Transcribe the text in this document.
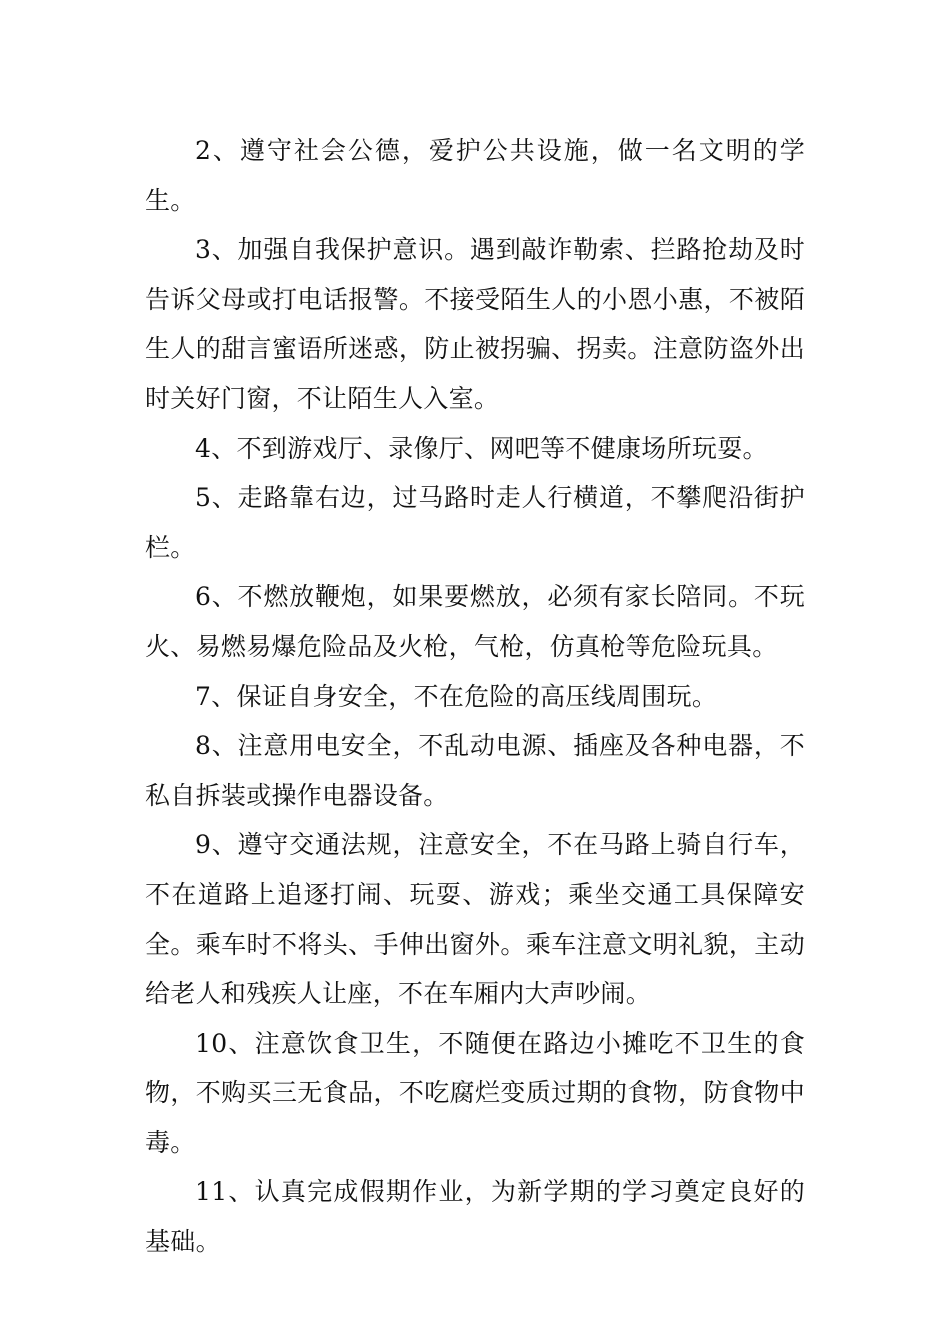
2、遵守社会公德，爱护公共设施，做一名文明的学生。

3、加强自我保护意识。遇到敲诈勒索、拦路抢劫及时告诉父母或打电话报警。不接受陌生人的小恩小惠，不被陌生人的甜言蜜语所迷惑，防止被拐骗、拐卖。注意防盗外出时关好门窗，不让陌生人入室。

4、不到游戏厅、录像厅、网吧等不健康场所玩耍。

5、走路靠右边，过马路时走人行横道，不攀爬沿街护栏。

6、不燃放鞭炮，如果要燃放，必须有家长陪同。不玩火、易燃易爆危险品及火枪，气枪，仿真枪等危险玩具。

7、保证自身安全，不在危险的高压线周围玩。

8、注意用电安全，不乱动电源、插座及各种电器，不私自拆装或操作电器设备。

9、遵守交通法规，注意安全，不在马路上骑自行车，不在道路上追逐打闹、玩耍、游戏；乘坐交通工具保障安全。乘车时不将头、手伸出窗外。乘车注意文明礼貌，主动给老人和残疾人让座，不在车厢内大声吵闹。

10、注意饮食卫生，不随便在路边小摊吃不卫生的食物，不购买三无食品，不吃腐烂变质过期的食物，防食物中毒。

11、认真完成假期作业，为新学期的学习奠定良好的基础。
